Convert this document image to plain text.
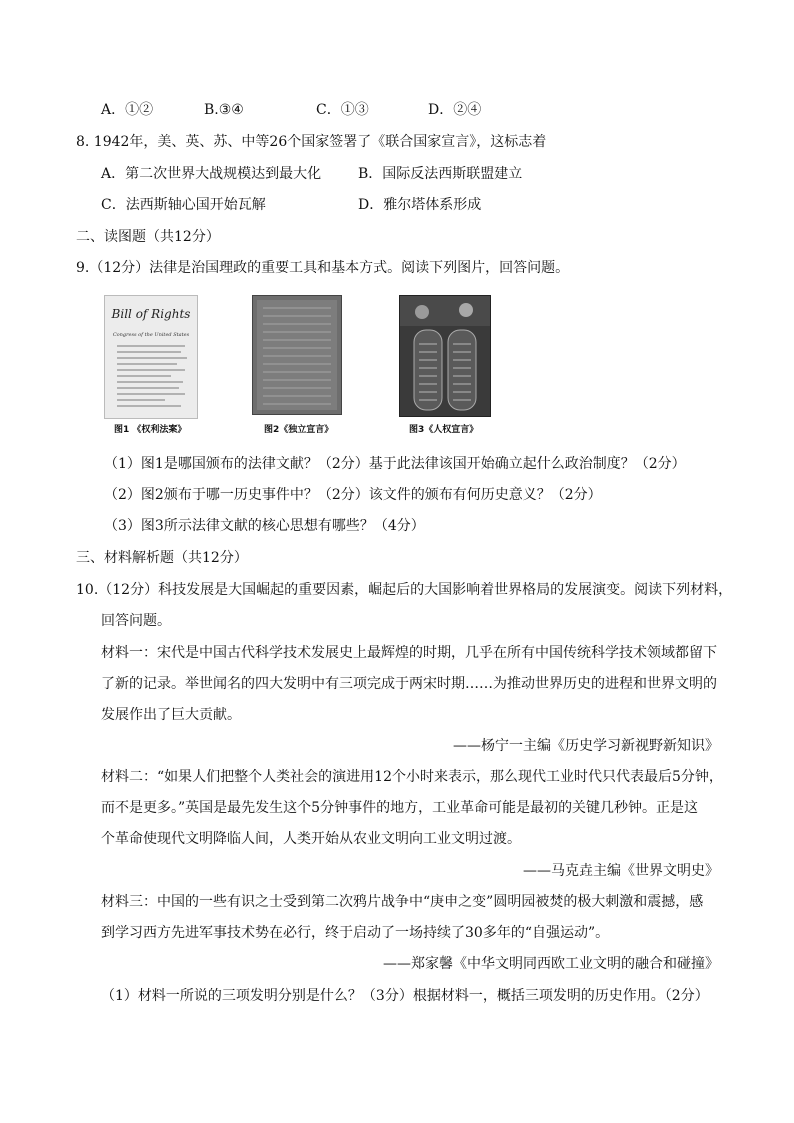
A．①②	B.③④	C．①③	D．②④
8. 1942年，美、英、苏、中等26个国家签署了《联合国家宣言》，这标志着
A．第二次世界大战规模达到最大化	B．国际反法西斯联盟建立
C．法西斯轴心国开始瓦解	D．雅尔塔体系形成
二、读图题（共12分）
9.（12分）法律是治国理政的重要工具和基本方式。阅读下列图片，回答问题。
Bill of Rights
Congress of the United States
图1 《权利法案》	图2《独立宣言》	图3《人权宣言》
（1）图1是哪国颁布的法律文献？（2分）基于此法律该国开始确立起什么政治制度？（2分）
（2）图2颁布于哪一历史事件中？（2分）该文件的颁布有何历史意义？（2分）
（3）图3所示法律文献的核心思想有哪些？（4分）
三、材料解析题（共12分）
10.（12分）科技发展是大国崛起的重要因素，崛起后的大国影响着世界格局的发展演变。阅读下列材料，
回答问题。
材料一：宋代是中国古代科学技术发展史上最辉煌的时期，几乎在所有中国传统科学技术领域都留下
了新的记录。举世闻名的四大发明中有三项完成于两宋时期……为推动世界历史的进程和世界文明的
发展作出了巨大贡献。
——杨宁一主编《历史学习新视野新知识》
材料二：“如果人们把整个人类社会的演进用12个小时来表示，那么现代工业时代只代表最后5分钟，
而不是更多。”英国是最先发生这个5分钟事件的地方，工业革命可能是最初的关键几秒钟。正是这
个革命使现代文明降临人间，人类开始从农业文明向工业文明过渡。
——马克垚主编《世界文明史》
材料三：中国的一些有识之士受到第二次鸦片战争中“庚申之变”圆明园被焚的极大刺激和震撼，感
到学习西方先进军事技术势在必行，终于启动了一场持续了30多年的“自强运动”。
——郑家馨《中华文明同西欧工业文明的融合和碰撞》
（1）材料一所说的三项发明分别是什么？（3分）根据材料一，概括三项发明的历史作用。（2分）
